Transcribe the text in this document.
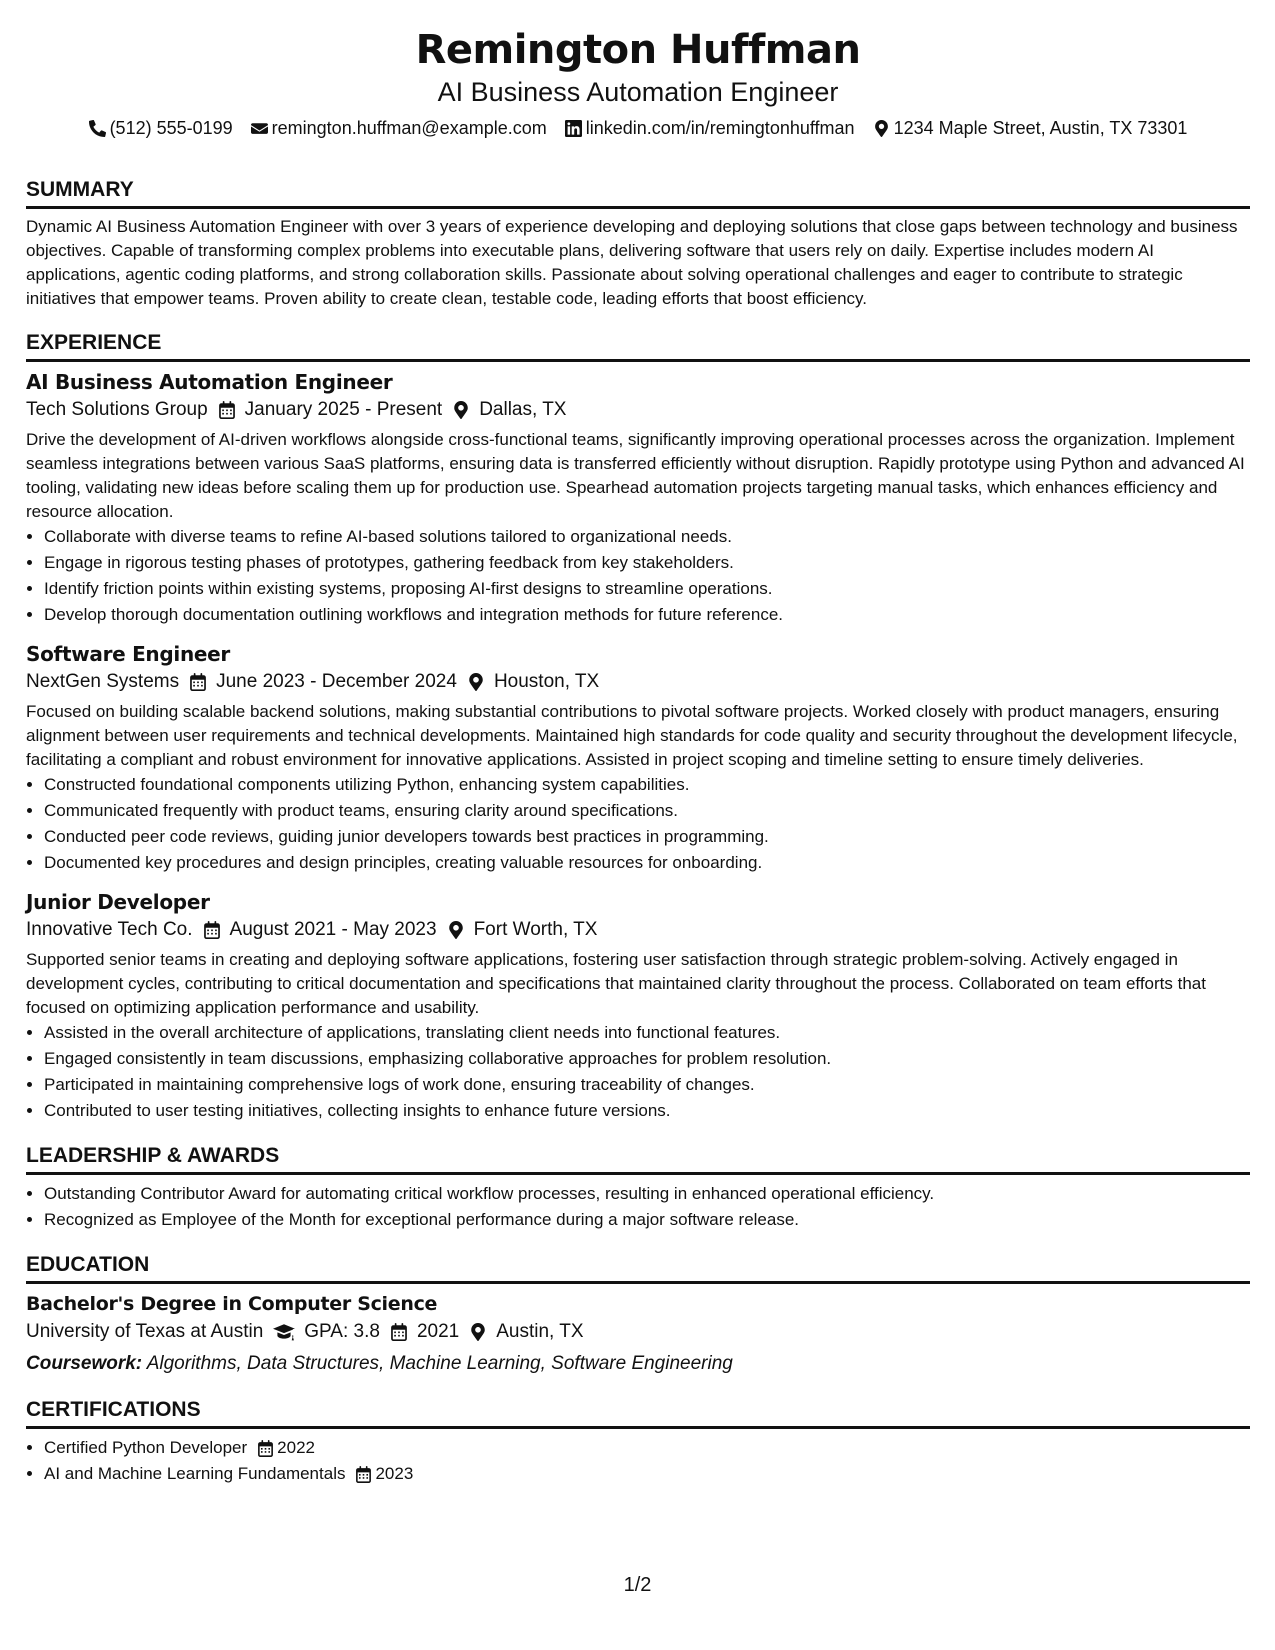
Remington Huffman
AI Business Automation Engineer
(512) 555-0199 remington.huffman@example.com linkedin.com/in/remingtonhuffman 1234 Maple Street, Austin, TX 73301
SUMMARY

Dynamic AI Business Automation Engineer with over 3 years of experience developing and deploying solutions that close gaps between technology and business objectives. Capable of transforming complex problems into executable plans, delivering software that users rely on daily. Expertise includes modern AI applications, agentic coding platforms, and strong collaboration skills. Passionate about solving operational challenges and eager to contribute to strategic initiatives that empower teams. Proven ability to create clean, testable code, leading efforts that boost efficiency.

EXPERIENCE
AI Business Automation Engineer
Tech Solutions Group January 2025 - Present Dallas, TX

Drive the development of AI-driven workflows alongside cross-functional teams, significantly improving operational processes across the organization. Implement seamless integrations between various SaaS platforms, ensuring data is transferred efficiently without disruption. Rapidly prototype using Python and advanced AI tooling, validating new ideas before scaling them up for production use. Spearhead automation projects targeting manual tasks, which enhances efficiency and resource allocation.

• Collaborate with diverse teams to refine AI-based solutions tailored to organizational needs.
• Engage in rigorous testing phases of prototypes, gathering feedback from key stakeholders.
• Identify friction points within existing systems, proposing AI-first designs to streamline operations.
• Develop thorough documentation outlining workflows and integration methods for future reference.
Software Engineer
NextGen Systems June 2023 - December 2024 Houston, TX

Focused on building scalable backend solutions, making substantial contributions to pivotal software projects. Worked closely with product managers, ensuring alignment between user requirements and technical developments. Maintained high standards for code quality and security throughout the development lifecycle, facilitating a compliant and robust environment for innovative applications. Assisted in project scoping and timeline setting to ensure timely deliveries.

• Constructed foundational components utilizing Python, enhancing system capabilities.
• Communicated frequently with product teams, ensuring clarity around specifications.
• Conducted peer code reviews, guiding junior developers towards best practices in programming.
• Documented key procedures and design principles, creating valuable resources for onboarding.
Junior Developer
Innovative Tech Co. August 2021 - May 2023 Fort Worth, TX

Supported senior teams in creating and deploying software applications, fostering user satisfaction through strategic problem-solving. Actively engaged in development cycles, contributing to critical documentation and specifications that maintained clarity throughout the process. Collaborated on team efforts that focused on optimizing application performance and usability.

• Assisted in the overall architecture of applications, translating client needs into functional features.
• Engaged consistently in team discussions, emphasizing collaborative approaches for problem resolution.
• Participated in maintaining comprehensive logs of work done, ensuring traceability of changes.
• Contributed to user testing initiatives, collecting insights to enhance future versions.
LEADERSHIP & AWARDS
• Outstanding Contributor Award for automating critical workflow processes, resulting in enhanced operational efficiency.
• Recognized as Employee of the Month for exceptional performance during a major software release.
EDUCATION
Bachelor's Degree in Computer Science
University of Texas at Austin GPA: 3.8 2021 Austin, TX
Coursework: Algorithms, Data Structures, Machine Learning, Software Engineering
CERTIFICATIONS
• Certified Python Developer 2022
• AI and Machine Learning Fundamentals 2023
1/2
